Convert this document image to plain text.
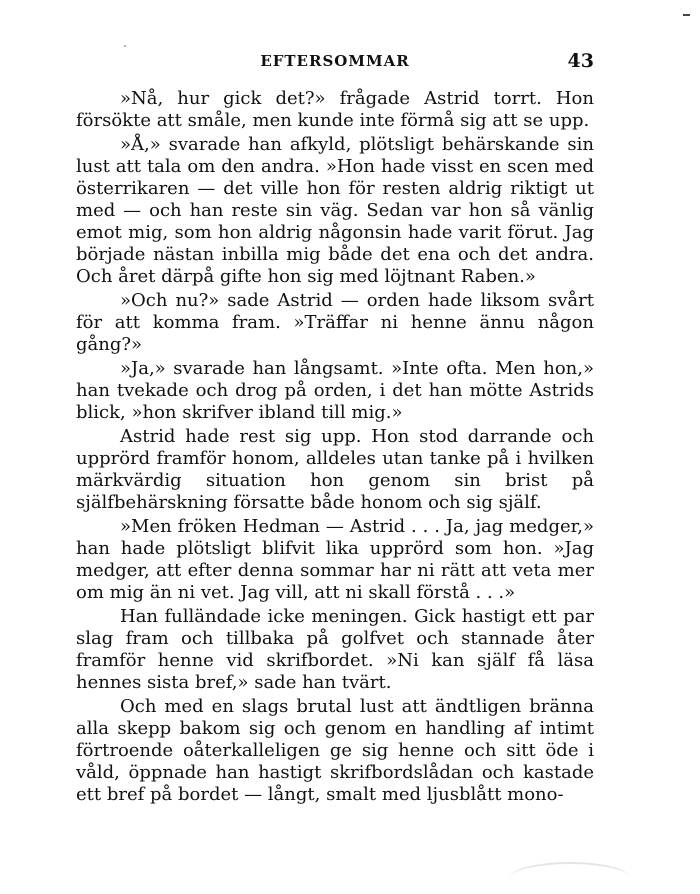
EFTERSOMMAR	43

»Nå, hur gick det?» frågade Astrid torrt. Hon försökte att småle, men kunde inte förmå sig att se upp.

»Å,» svarade han afkyld, plötsligt behärskande sin lust att tala om den andra. »Hon hade visst en scen med österrikaren — det ville hon för resten aldrig riktigt ut med — och han reste sin väg. Sedan var hon så vänlig emot mig, som hon aldrig någonsin hade varit förut. Jag började nästan inbilla mig både det ena och det andra. Och året därpå gifte hon sig med löjtnant Raben.»

»Och nu?» sade Astrid — orden hade liksom svårt för att komma fram. »Träffar ni henne ännu någon gång?»

»Ja,» svarade han långsamt. »Inte ofta. Men hon,» han tvekade och drog på orden, i det han mötte Astrids blick, »hon skrifver ibland till mig.»

Astrid hade rest sig upp. Hon stod darrande och upprörd framför honom, alldeles utan tanke på i hvilken märkvärdig situation hon genom sin brist på själfbehärskning försatte både honom och sig själf.

»Men fröken Hedman — Astrid . . . Ja, jag medger,» han hade plötsligt blifvit lika upprörd som hon. »Jag medger, att efter denna sommar har ni rätt att veta mer om mig än ni vet. Jag vill, att ni skall förstå . . .»

Han fulländade icke meningen. Gick hastigt ett par slag fram och tillbaka på golfvet och stannade åter framför henne vid skrifbordet. »Ni kan själf få läsa hennes sista bref,» sade han tvärt.

Och med en slags brutal lust att ändtligen bränna alla skepp bakom sig och genom en handling af intimt förtroende oåterkalleligen ge sig henne och sitt öde i våld, öppnade han hastigt skrifbordslådan och kastade ett bref på bordet — långt, smalt med ljusblått mono-
